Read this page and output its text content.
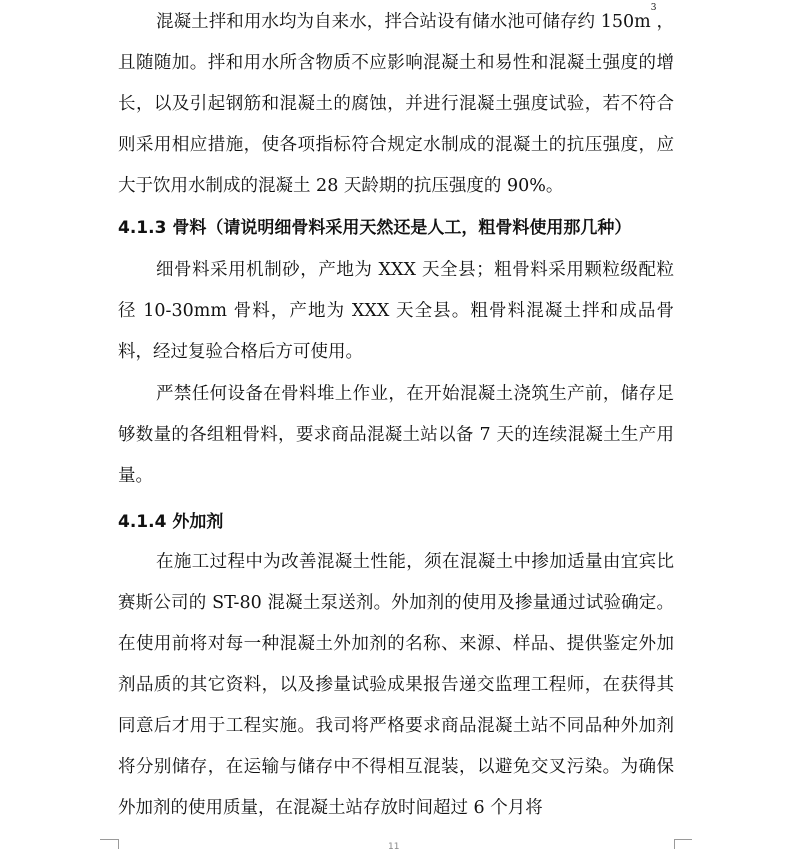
混凝土拌和用水均为自来水，拌合站设有储水池可储存约 $150m^3$，且随随加。拌和用水所含物质不应影响混凝土和易性和混凝土强度的增长，以及引起钢筋和混凝土的腐蚀，并进行混凝土强度试验，若不符合则采用相应措施，使各项指标符合规定水制成的混凝土的抗压强度，应大于饮用水制成的混凝土 28 天龄期的抗压强度的 90%。

4.1.3 骨料（请说明细骨料采用天然还是人工，粗骨料使用那几种）

细骨料采用机制砂，产地为 XXX 天全县；粗骨料采用颗粒级配粒径 10-30mm 骨料，产地为 XXX 天全县。粗骨料混凝土拌和成品骨料，经过复验合格后方可使用。

严禁任何设备在骨料堆上作业，在开始混凝土浇筑生产前，储存足够数量的各组粗骨料，要求商品混凝土站以备 7 天的连续混凝土生产用量。

4.1.4 外加剂

在施工过程中为改善混凝土性能，须在混凝土中掺加适量由宜宾比赛斯公司的 ST-80 混凝土泵送剂。外加剂的使用及掺量通过试验确定。在使用前将对每一种混凝土外加剂的名称、来源、样品、提供鉴定外加剂品质的其它资料，以及掺量试验成果报告递交监理工程师，在获得其同意后才用于工程实施。我司将严格要求商品混凝土站不同品种外加剂将分别储存，在运输与储存中不得相互混装，以避免交叉污染。为确保外加剂的使用质量，在混凝土站存放时间超过 6 个月将

11
